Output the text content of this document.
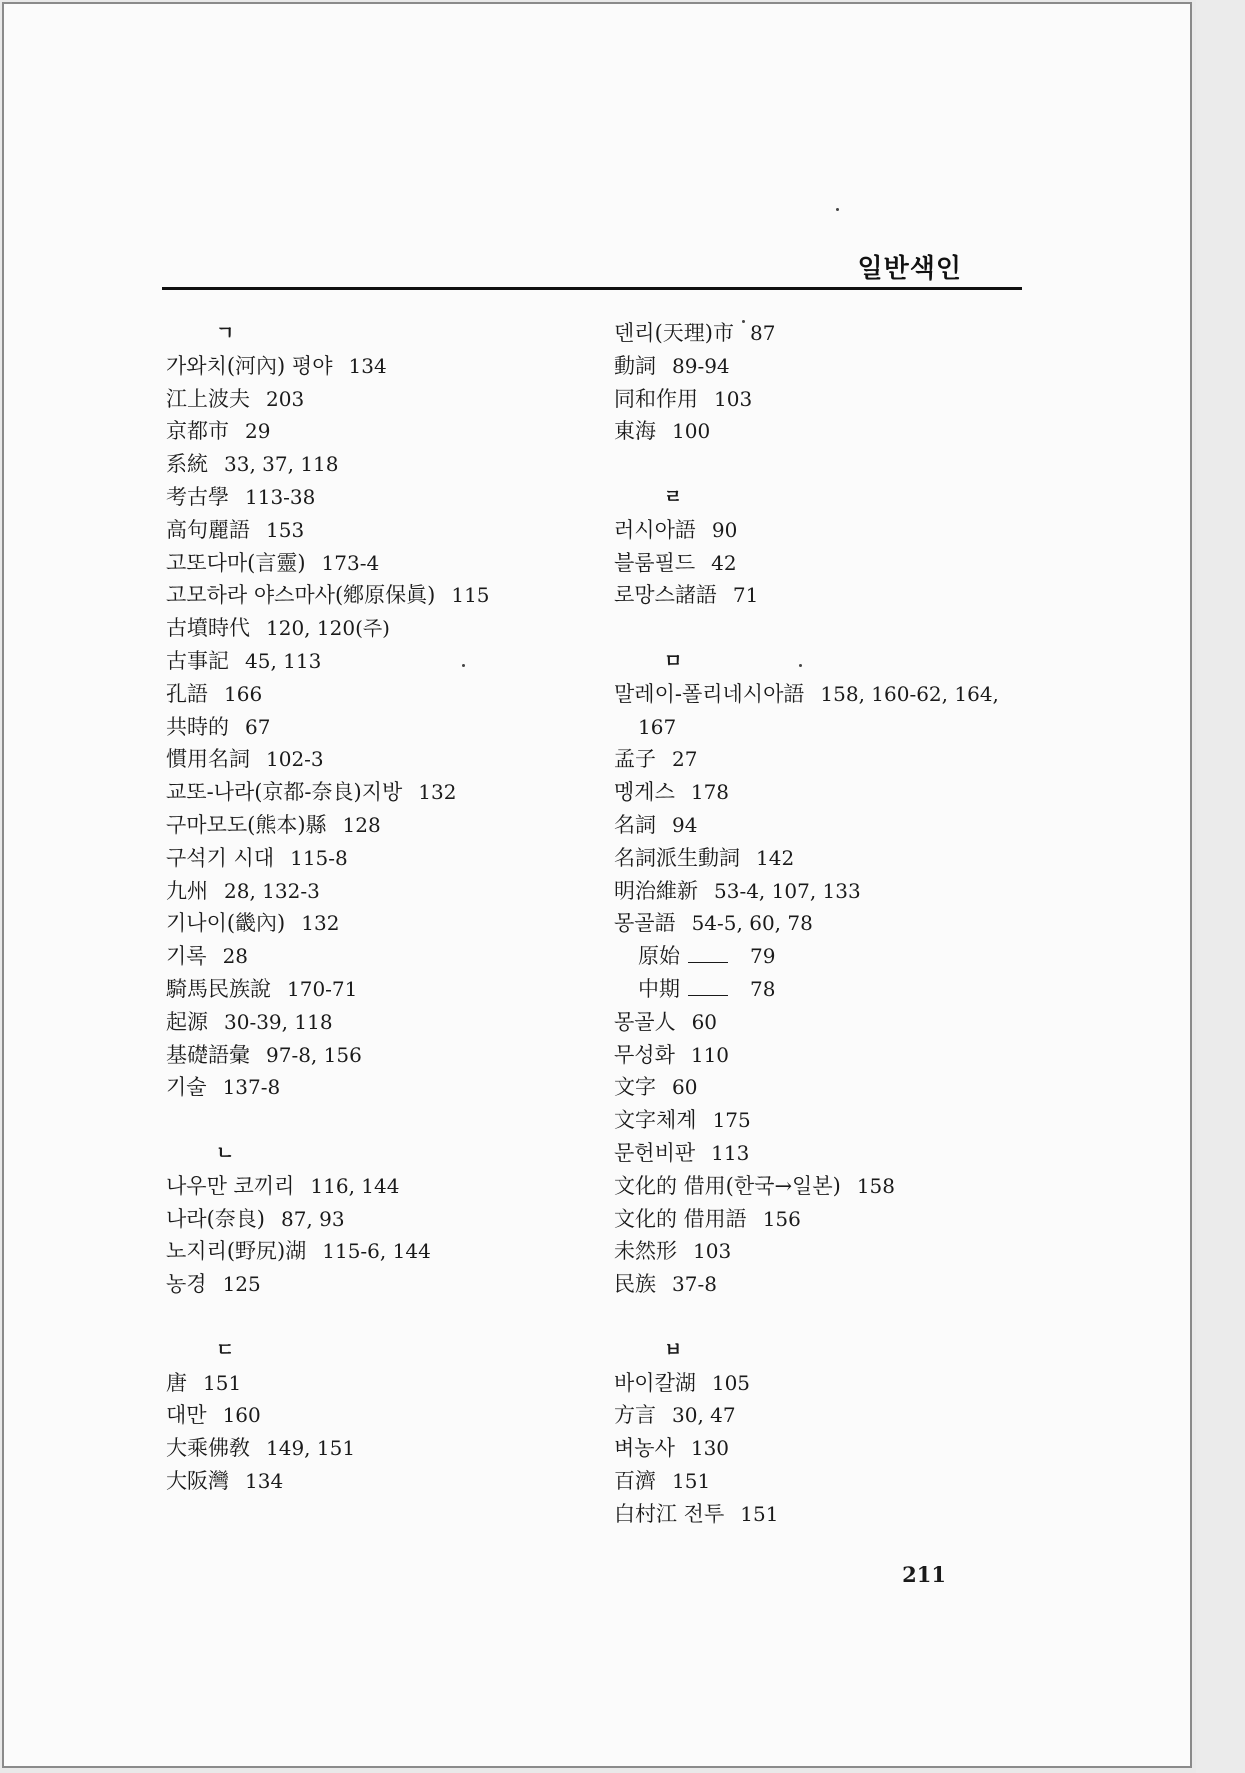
일반색인
ㄱ
가와치(河內) 평야 134
江上波夫 203
京都市 29
系統 33, 37, 118
考古學 113-38
高句麗語 153
고또다마(言靈) 173-4
고모하라 야스마사(鄕原保眞) 115
古墳時代 120, 120(주)
古事記 45, 113
孔語 166
共時的 67
慣用名詞 102-3
교또-나라(京都-奈良)지방 132
구마모도(熊本)縣 128
구석기 시대 115-8
九州 28, 132-3
기나이(畿內) 132
기록 28
騎馬民族說 170-71
起源 30-39, 118
基礎語彙 97-8, 156
기술 137-8
ㄴ
나우만 코끼리 116, 144
나라(奈良) 87, 93
노지리(野尻)湖 115-6, 144
농경 125
ㄷ
唐 151
대만 160
大乘佛敎 149, 151
大阪灣 134
덴리(天理)市 87
動詞 89-94
同和作用 103
東海 100
ㄹ
러시아語 90
블룸필드 42
로망스諸語 71
ㅁ
말레이-폴리네시아語 158, 160-62, 164,
167
孟子 27
멩게스 178
名詞 94
名詞派生動詞 142
明治維新 53-4, 107, 133
몽골語 54-5, 60, 78
原始	79
中期	78
몽골人 60
무성화 110
文字 60
文字체계 175
문헌비판 113
文化的 借用(한국→일본) 158
文化的 借用語 156
未然形 103
民族 37-8
ㅂ
바이칼湖 105
方言 30, 47
벼농사 130
百濟 151
白村江 전투 151
211
